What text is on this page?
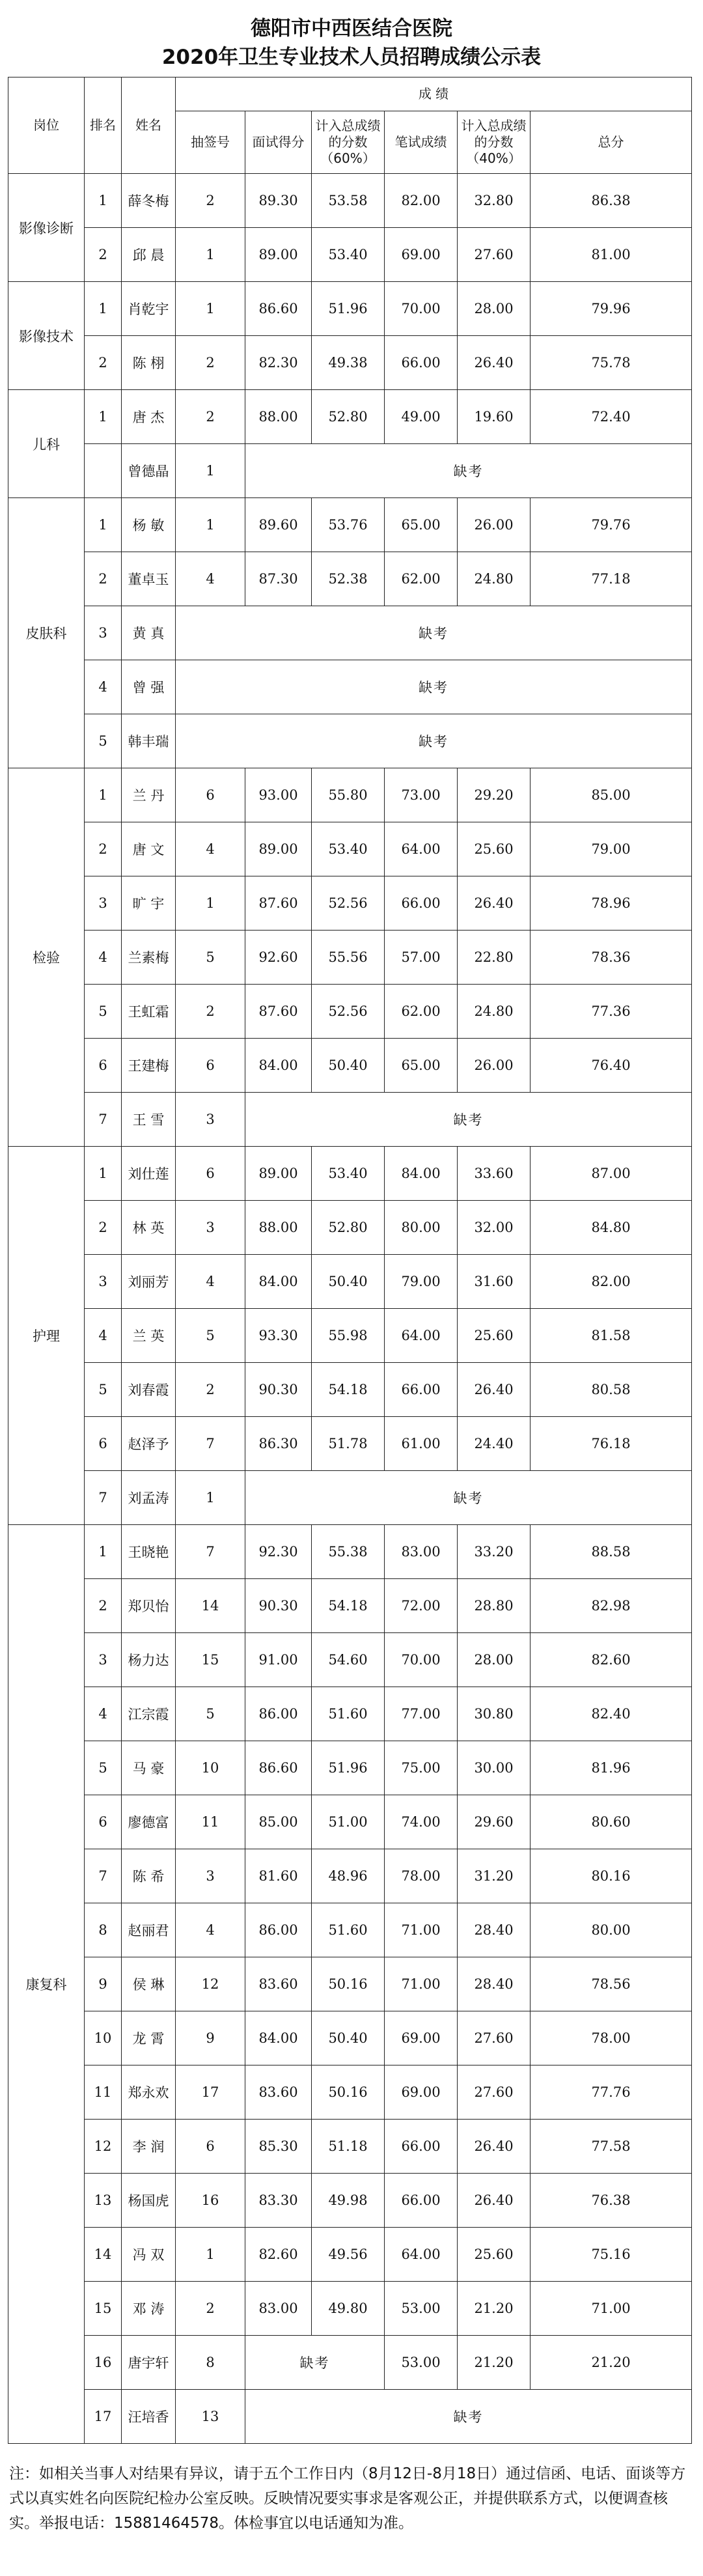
德阳市中西医结合医院
2020年卫生专业技术人员招聘成绩公示表
岗位	排名	姓名	成 绩					
			抽签号	面试得分	计入总成绩的分数（60%）	笔试成绩	计入总成绩的分数（40%）	总分
影像诊断	1	薛冬梅	2	89.30	53.58	82.00	32.80	86.38
	2	邱 晨	1	89.00	53.40	69.00	27.60	81.00
影像技术	1	肖乾宇	1	86.60	51.96	70.00	28.00	79.96
	2	陈 栩	2	82.30	49.38	66.00	26.40	75.78
儿科	1	唐 杰	2	88.00	52.80	49.00	19.60	72.40
		曾德晶	1	缺考				
皮肤科	1	杨 敏	1	89.60	53.76	65.00	26.00	79.76
	2	董卓玉	4	87.30	52.38	62.00	24.80	77.18
	3	黄 真	缺考					
	4	曾 强	缺考					
	5	韩丰瑞	缺考					
检验	1	兰 丹	6	93.00	55.80	73.00	29.20	85.00
	2	唐 文	4	89.00	53.40	64.00	25.60	79.00
	3	旷 宇	1	87.60	52.56	66.00	26.40	78.96
	4	兰素梅	5	92.60	55.56	57.00	22.80	78.36
	5	王虹霜	2	87.60	52.56	62.00	24.80	77.36
	6	王建梅	6	84.00	50.40	65.00	26.00	76.40
	7	王 雪	3	缺考				
护理	1	刘仕莲	6	89.00	53.40	84.00	33.60	87.00
	2	林 英	3	88.00	52.80	80.00	32.00	84.80
	3	刘丽芳	4	84.00	50.40	79.00	31.60	82.00
	4	兰 英	5	93.30	55.98	64.00	25.60	81.58
	5	刘春霞	2	90.30	54.18	66.00	26.40	80.58
	6	赵泽予	7	86.30	51.78	61.00	24.40	76.18
	7	刘孟涛	1	缺考				
康复科	1	王晓艳	7	92.30	55.38	83.00	33.20	88.58
	2	郑贝怡	14	90.30	54.18	72.00	28.80	82.98
	3	杨力达	15	91.00	54.60	70.00	28.00	82.60
	4	江宗霞	5	86.00	51.60	77.00	30.80	82.40
	5	马 豪	10	86.60	51.96	75.00	30.00	81.96
	6	廖德富	11	85.00	51.00	74.00	29.60	80.60
	7	陈 希	3	81.60	48.96	78.00	31.20	80.16
	8	赵丽君	4	86.00	51.60	71.00	28.40	80.00
	9	侯 琳	12	83.60	50.16	71.00	28.40	78.56
	10	龙 霄	9	84.00	50.40	69.00	27.60	78.00
	11	郑永欢	17	83.60	50.16	69.00	27.60	77.76
	12	李 润	6	85.30	51.18	66.00	26.40	77.58
	13	杨国虎	16	83.30	49.98	66.00	26.40	76.38
	14	冯 双	1	82.60	49.56	64.00	25.60	75.16
	15	邓 涛	2	83.00	49.80	53.00	21.20	71.00
	16	唐宇轩	8	缺考		53.00	21.20	21.20
	17	汪培香	13	缺考				
注：如相关当事人对结果有异议，请于五个工作日内（8月12日-8月18日）通过信函、电话、面谈等方式以真实姓名向医院纪检办公室反映。反映情况要实事求是客观公正，并提供联系方式，以便调查核实。举报电话：15881464578。体检事宜以电话通知为准。
